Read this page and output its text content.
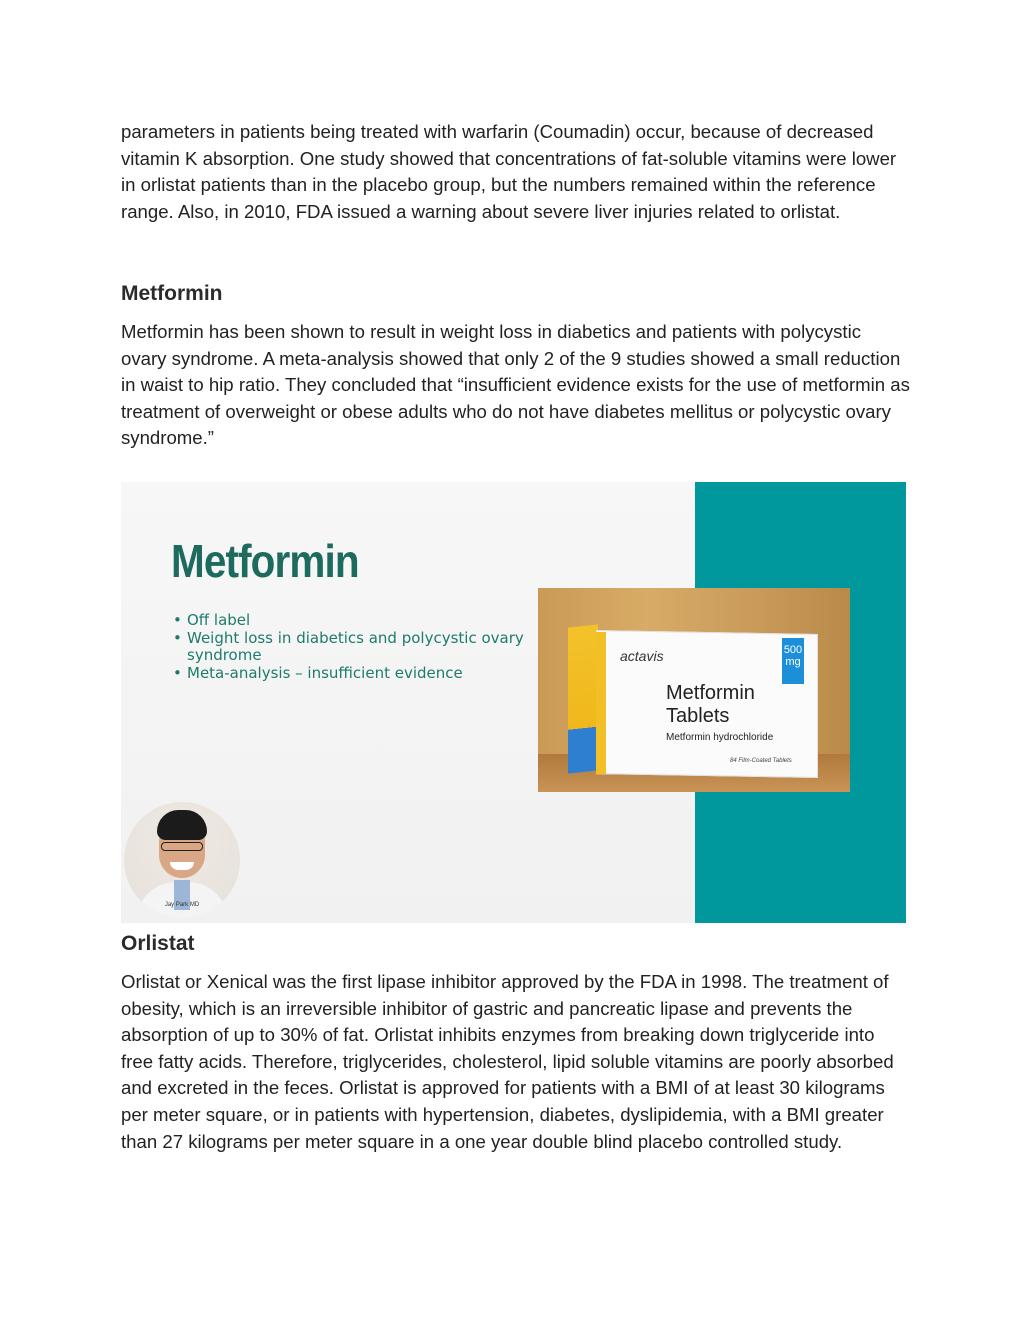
parameters in patients being treated with warfarin (Coumadin) occur, because of decreased vitamin K absorption. One study showed that concentrations of fat-soluble vitamins were lower in orlistat patients than in the placebo group, but the numbers remained within the reference range. Also, in 2010, FDA issued a warning about severe liver injuries related to orlistat.

Metformin

Metformin has been shown to result in weight loss in diabetics and patients with polycystic ovary syndrome. A meta-analysis showed that only 2 of the 9 studies showed a small reduction in waist to hip ratio. They concluded that “insufficient evidence exists for the use of metformin as treatment of overweight or obese adults who do not have diabetes mellitus or polycystic ovary syndrome.”

Metformin
• Off label
• Weight loss in diabetics and polycystic ovary syndrome
• Meta-analysis – insufficient evidence
actavis	500 mg
Metformin Tablets
Metformin hydrochloride
84 Film-Coated Tablets
Jay Park MD
Orlistat

Orlistat or Xenical was the first lipase inhibitor approved by the FDA in 1998. The treatment of obesity, which is an irreversible inhibitor of gastric and pancreatic lipase and prevents the absorption of up to 30% of fat. Orlistat inhibits enzymes from breaking down triglyceride into free fatty acids. Therefore, triglycerides, cholesterol, lipid soluble vitamins are poorly absorbed and excreted in the feces. Orlistat is approved for patients with a BMI of at least 30 kilograms per meter square, or in patients with hypertension, diabetes, dyslipidemia, with a BMI greater than 27 kilograms per meter square in a one year double blind placebo controlled study.
